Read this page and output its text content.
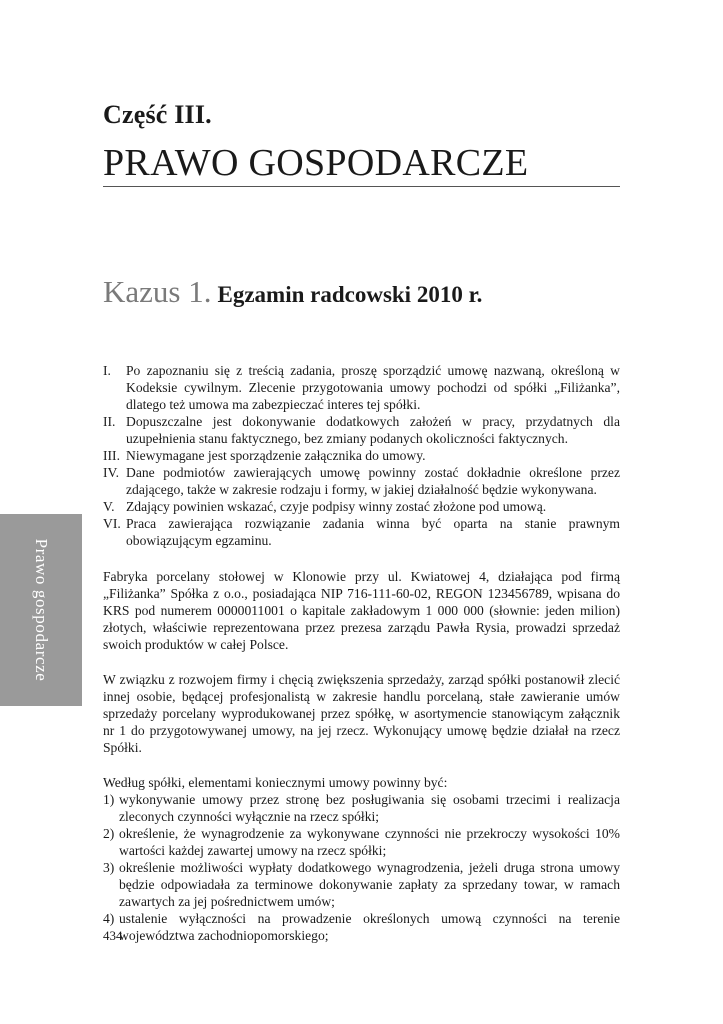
Część III.
PRAWO GOSPODARCZE
Kazus 1. Egzamin radcowski 2010 r.
Prawo gospodarcze
I. Po zapoznaniu się z treścią zadania, proszę sporządzić umowę nazwaną, określoną w Kodeksie cywilnym. Zlecenie przygotowania umowy pochodzi od spółki „Filiżanka”, dlatego też umowa ma zabezpieczać interes tej spółki.
II. Dopuszczalne jest dokonywanie dodatkowych założeń w pracy, przydatnych dla uzupełnienia stanu faktycznego, bez zmiany podanych okoliczności faktycznych.
III. Niewymagane jest sporządzenie załącznika do umowy.
IV. Dane podmiotów zawierających umowę powinny zostać dokładnie określone przez zdającego, także w zakresie rodzaju i formy, w jakiej działalność będzie wykonywana.
V. Zdający powinien wskazać, czyje podpisy winny zostać złożone pod umową.
VI. Praca zawierająca rozwiązanie zadania winna być oparta na stanie prawnym obowiązującym egzaminu.

Fabryka porcelany stołowej w Klonowie przy ul. Kwiatowej 4, działająca pod firmą „Filiżanka” Spółka z o.o., posiadająca NIP 716-111-60-02, REGON 123456789, wpisana do KRS pod numerem 0000011001 o kapitale zakładowym 1 000 000 (słownie: jeden milion) złotych, właściwie reprezentowana przez prezesa zarządu Pawła Rysia, prowadzi sprzedaż swoich produktów w całej Polsce.

W związku z rozwojem firmy i chęcią zwiększenia sprzedaży, zarząd spółki postanowił zlecić innej osobie, będącej profesjonalistą w zakresie handlu porcelaną, stałe zawieranie umów sprzedaży porcelany wyprodukowanej przez spółkę, w asortymencie stanowiącym załącznik nr 1 do przygotowywanej umowy, na jej rzecz. Wykonujący umowę będzie działał na rzecz Spółki.

Według spółki, elementami koniecznymi umowy powinny być:

1) wykonywanie umowy przez stronę bez posługiwania się osobami trzecimi i realizacja zleconych czynności wyłącznie na rzecz spółki;
2) określenie, że wynagrodzenie za wykonywane czynności nie przekroczy wysokości 10% wartości każdej zawartej umowy na rzecz spółki;
3) określenie możliwości wypłaty dodatkowego wynagrodzenia, jeżeli druga strona umowy będzie odpowiadała za terminowe dokonywanie zapłaty za sprzedany towar, w ramach zawartych za jej pośrednictwem umów;
4) ustalenie wyłączności na prowadzenie określonych umową czynności na terenie województwa zachodniopomorskiego;
434
